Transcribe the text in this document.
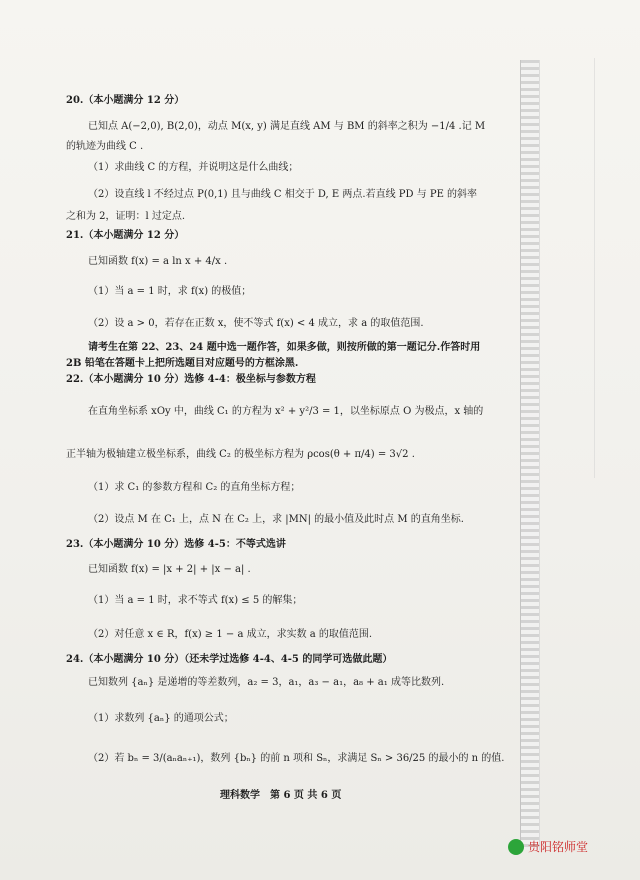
20.（本小题满分 12 分）
已知点 A(−2,0), B(2,0)，动点 M(x, y) 满足直线 AM 与 BM 的斜率之积为 −1/4 .记 M
的轨迹为曲线 C .
（1）求曲线 C 的方程，并说明这是什么曲线；
（2）设直线 l 不经过点 P(0,1) 且与曲线 C 相交于 D, E 两点.若直线 PD 与 PE 的斜率
之和为 2，证明：l 过定点.
21.（本小题满分 12 分）
已知函数 f(x) = a ln x + 4/x .
（1）当 a = 1 时，求 f(x) 的极值；
（2）设 a > 0，若存在正数 x，使不等式 f(x) < 4 成立，求 a 的取值范围.
请考生在第 22、23、24 题中选一题作答，如果多做，则按所做的第一题记分.作答时用
2B 铅笔在答题卡上把所选题目对应题号的方框涂黑.
22.（本小题满分 10 分）选修 4-4：极坐标与参数方程
在直角坐标系 xOy 中，曲线 C₁ 的方程为 x² + y²/3 = 1，以坐标原点 O 为极点，x 轴的
正半轴为极轴建立极坐标系，曲线 C₂ 的极坐标方程为 ρcos(θ + π/4) = 3√2 .
（1）求 C₁ 的参数方程和 C₂ 的直角坐标方程；
（2）设点 M 在 C₁ 上，点 N 在 C₂ 上，求 |MN| 的最小值及此时点 M 的直角坐标.
23.（本小题满分 10 分）选修 4-5：不等式选讲
已知函数 f(x) = |x + 2| + |x − a| .
（1）当 a = 1 时，求不等式 f(x) ≤ 5 的解集；
（2）对任意 x ∈ R，f(x) ≥ 1 − a 成立，求实数 a 的取值范围.
24.（本小题满分 10 分）（还未学过选修 4-4、4-5 的同学可选做此题）
已知数列 {aₙ} 是递增的等差数列，a₂ = 3，a₁，a₃ − a₁，a₈ + a₁ 成等比数列.
（1）求数列 {aₙ} 的通项公式；
（2）若 bₙ = 3/(aₙaₙ₊₁)，数列 {bₙ} 的前 n 项和 Sₙ，求满足 Sₙ > 36/25 的最小的 n 的值.
理科数学　第 6 页 共 6 页
贵阳铭师堂
